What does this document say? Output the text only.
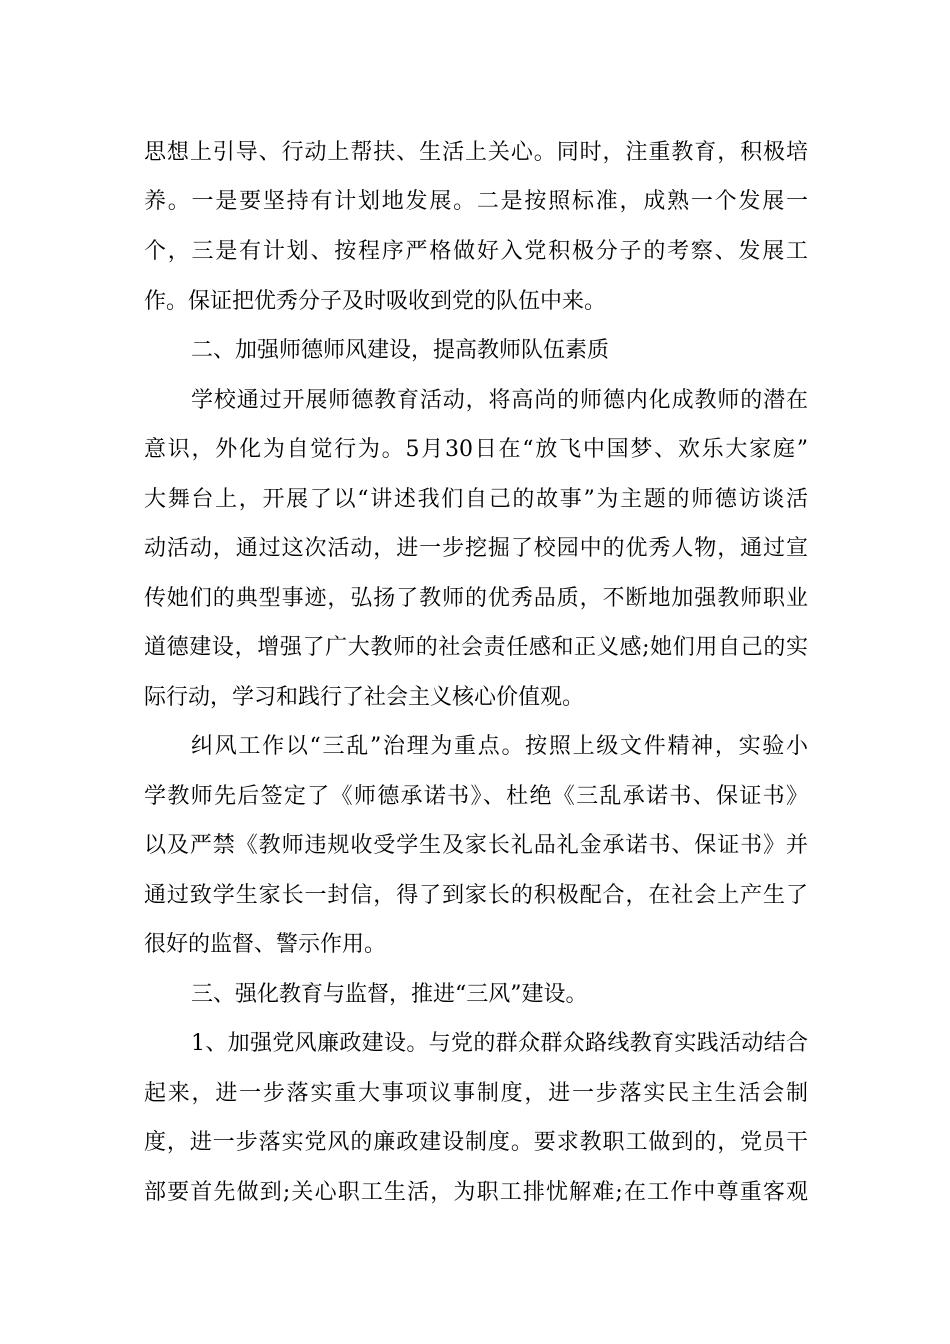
思想上引导、行动上帮扶、生活上关心。同时，注重教育，积极培
养。一是要坚持有计划地发展。二是按照标准，成熟一个发展一
个，三是有计划、按程序严格做好入党积极分子的考察、发展工
作。保证把优秀分子及时吸收到党的队伍中来。
二、加强师德师风建设，提高教师队伍素质
学校通过开展师德教育活动，将高尚的师德内化成教师的潜在
意识，外化为自觉行为。5月30日在“放飞中国梦、欢乐大家庭”
大舞台上，开展了以“讲述我们自己的故事”为主题的师德访谈活
动活动，通过这次活动，进一步挖掘了校园中的优秀人物，通过宣
传她们的典型事迹，弘扬了教师的优秀品质，不断地加强教师职业
道德建设，增强了广大教师的社会责任感和正义感;她们用自己的实
际行动，学习和践行了社会主义核心价值观。
纠风工作以“三乱”治理为重点。按照上级文件精神，实验小
学教师先后签定了《师德承诺书》、杜绝《三乱承诺书、保证书》
以及严禁《教师违规收受学生及家长礼品礼金承诺书、保证书》并
通过致学生家长一封信，得了到家长的积极配合，在社会上产生了
很好的监督、警示作用。
三、强化教育与监督，推进“三风”建设。
1、加强党风廉政建设。与党的群众群众路线教育实践活动结合
起来，进一步落实重大事项议事制度，进一步落实民主生活会制
度，进一步落实党风的廉政建设制度。要求教职工做到的，党员干
部要首先做到;关心职工生活，为职工排忧解难;在工作中尊重客观
